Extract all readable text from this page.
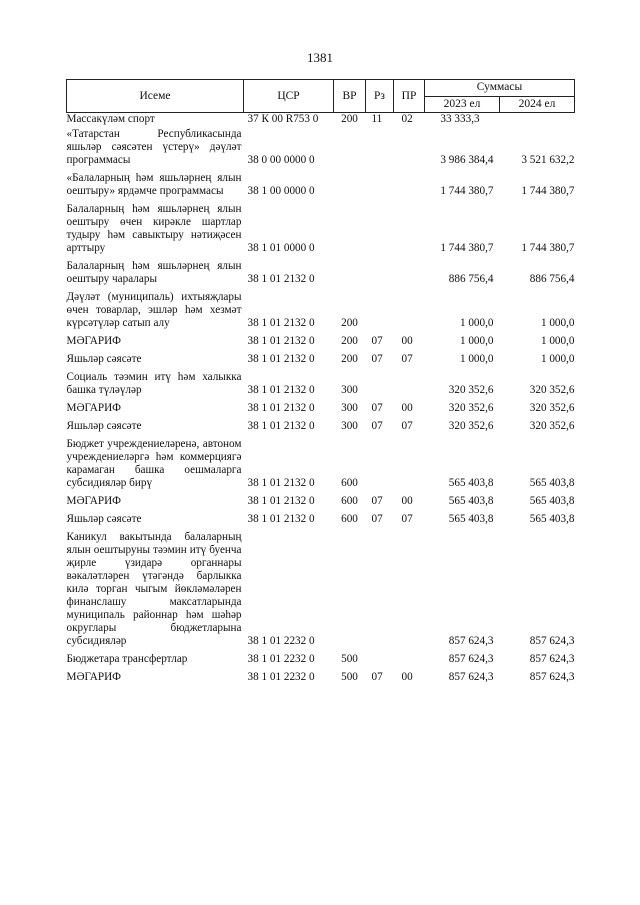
1381
Исеме	ЦСР	ВР	Рз	ПР	Суммасы	
					2023 ел	2024 ел
Массакүләм спорт	37 К 00 R753 0	200	11	02	33 333,3	
«Татарстан Республикасында яшьләр сәясәтен үстерү» дәүләт программасы	38 0 00 0000 0				3 986 384,4	3 521 632,2
«Балаларның һәм яшьләрнең ялын оештыру» ярдәмче программасы	38 1 00 0000 0				1 744 380,7	1 744 380,7
Балаларның һәм яшьләрнең ялын оештыру өчен кирәкле шартлар тудыру һәм савыктыру нәтиҗәсен арттыру	38 1 01 0000 0				1 744 380,7	1 744 380,7
Балаларның һәм яшьләрнең ялын оештыру чаралары	38 1 01 2132 0				886 756,4	886 756,4
Дәүләт (муниципаль) ихтыяҗлары өчен товарлар, эшләр һәм хезмәт күрсәтүләр сатып алу	38 1 01 2132 0	200			1 000,0	1 000,0
МӘГАРИФ	38 1 01 2132 0	200	07	00	1 000,0	1 000,0
Яшьләр сәясәте	38 1 01 2132 0	200	07	07	1 000,0	1 000,0
Социаль тәэмин итү һәм халыкка башка түләүләр	38 1 01 2132 0	300			320 352,6	320 352,6
МӘГАРИФ	38 1 01 2132 0	300	07	00	320 352,6	320 352,6
Яшьләр сәясәте	38 1 01 2132 0	300	07	07	320 352,6	320 352,6
Бюджет учреждениеләренә, автоном учреждениеләргә һәм коммерциягә карамаган башка оешмаларга субсидияләр бирү	38 1 01 2132 0	600			565 403,8	565 403,8
МӘГАРИФ	38 1 01 2132 0	600	07	00	565 403,8	565 403,8
Яшьләр сәясәте	38 1 01 2132 0	600	07	07	565 403,8	565 403,8
Каникул вакытында балаларның ялын оештыруны тәэмин итү буенча җирле үзидарә органнары вәкаләтләрен үтәгәндә барлыкка килә торган чыгым йөкләмәләрен финанслашу максатларында муниципаль районнар һәм шәһәр округлары бюджетларына субсидияләр	38 1 01 2232 0				857 624,3	857 624,3
Бюджетара трансфертлар	38 1 01 2232 0	500			857 624,3	857 624,3
МӘГАРИФ	38 1 01 2232 0	500	07	00	857 624,3	857 624,3
